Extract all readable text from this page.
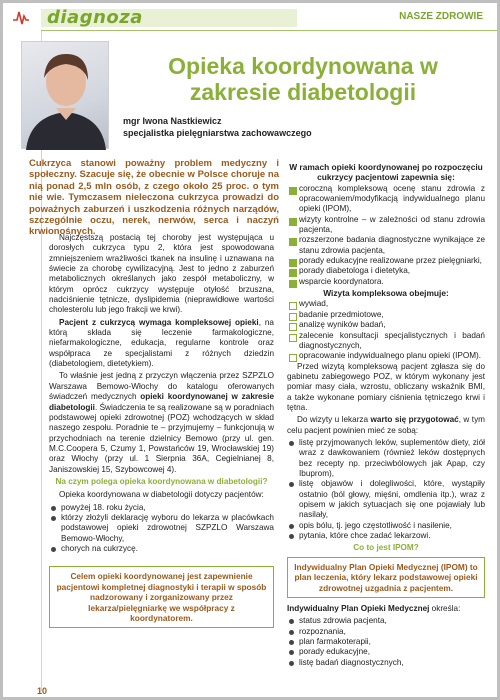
diagnoza	NASZE ZDROWIE
Opieka koordynowana w zakresie diabetologii
mgr Iwona Nastkiewicz
specjalistka pielęgniarstwa zachowawczego
Cukrzyca stanowi poważny problem medyczny i społeczny. Szacuje się, że obecnie w Polsce choruje na nią ponad 2,5 mln osób, z czego około 25 proc. o tym nie wie. Tymczasem nieleczona cukrzyca prowadzi do poważnych zaburzeń i uszkodzenia różnych narządów, szczególnie oczu, nerek, nerwów, serca i naczyń krwionośnych.

Najczęstszą postacią tej choroby jest występująca u dorosłych cukrzyca typu 2, która jest spowodowana zmniejszeniem wrażliwości tkanek na insulinę i uznawana na świecie za chorobę cywilizacyjną. Jest to jedno z zaburzeń metabolicznych określanych jako zespół metaboliczny, w którym oprócz cukrzycy występuje otyłość brzuszna, nadciśnienie tętnicze, dyslipidemia (nieprawidłowe wartości cholesterolu lub jego frakcji we krwi).

Pacjent z cukrzycą wymaga kompleksowej opieki, na którą składa się leczenie farmakologiczne, niefarmakologiczne, edukacja, regularne kontrole oraz współpraca ze specjalistami z różnych dziedzin (diabetologiem, dietetykiem).

To właśnie jest jedną z przyczyn włączenia przez SZPZLO Warszawa Bemowo-Włochy do katalogu oferowanych świadczeń medycznych opieki koordynowanej w zakresie diabetologii. Świadczenia te są realizowane są w poradniach podstawowej opieki zdrowotnej (POZ) wchodzących w skład naszego zespołu. Poradnie te – przyjmujemy – funkcjonują w przychodniach na terenie dzielnicy Bemowo (przy ul. gen. M.C.Coopera 5, Czumy 1, Powstańców 19, Wrocławskiej 19) oraz Włochy (przy ul. 1 Sierpnia 36A, Cegielnianej 8, Janiszowskiej 15, Szybowcowej 4).

Na czym polega opieka koordynowana w diabetologii?

Opieka koordynowana w diabetologii dotyczy pacjentów:

powyżej 18. roku życia,
którzy złożyli deklarację wyboru do lekarza w placówkach podstawowej opieki zdrowotnej SZPZLO Warszawa Bemowo-Włochy,
chorych na cukrzycę.
Celem opieki koordynowanej jest zapewnienie pacjentowi kompletnej diagnostyki i terapii w sposób nadzorowany i zorganizowany przez lekarza/pielęgniarkę we współpracy z koordynatorem.
W ramach opieki koordynowanej po rozpoczęciu cukrzycy pacjentowi zapewnia się:
coroczną kompleksową ocenę stanu zdrowia z opracowaniem/modyfikacją indywidualnego planu opieki (IPOM),
wizyty kontrolne – w zależności od stanu zdrowia pacjenta,
rozszerzone badania diagnostyczne wynikające ze stanu zdrowia pacjenta,
porady edukacyjne realizowane przez pielęgniarki,
porady diabetologa i dietetyka,
wsparcie koordynatora.
Wizyta kompleksowa obejmuje:
wywiad,
badanie przedmiotowe,
analizę wyników badań,
zalecenie konsultacji specjalistycznych i badań diagnostycznych,
opracowanie indywidualnego planu opieki (IPOM).

Przed wizytą kompleksową pacjent zgłasza się do gabinetu zabiegowego POZ, w którym wykonany jest pomiar masy ciała, wzrostu, obliczany wskaźnik BMI, a także wykonane pomiary ciśnienia tętniczego krwi i tętna.

Do wizyty u lekarza warto się przygotować, w tym celu pacjent powinien mieć ze sobą:

listę przyjmowanych leków, suplementów diety, ziół wraz z dawkowaniem (również leków dostępnych bez recepty np. przeciwbólowych jak Apap, czy Ibuprom),
listę objawów i dolegliwości, które, wystąpiły ostatnio (ból głowy, mięśni, omdlenia itp.), wraz z opisem w jakich sytuacjach się one pojawiały lub nasilały,
opis bólu, tj. jego częstotliwość i nasilenie,
pytania, które chce zadać lekarzowi.

Co to jest IPOM?

Indywidualny Plan Opieki Medycznej (IPOM) to plan leczenia, który lekarz podstawowej opieki zdrowotnej uzgadnia z pacjentem.

Indywidualny Plan Opieki Medycznej określa:

status zdrowia pacjenta,
rozpoznania,
plan farmakoterapii,
porady edukacyjne,
listę badań diagnostycznych,
10
